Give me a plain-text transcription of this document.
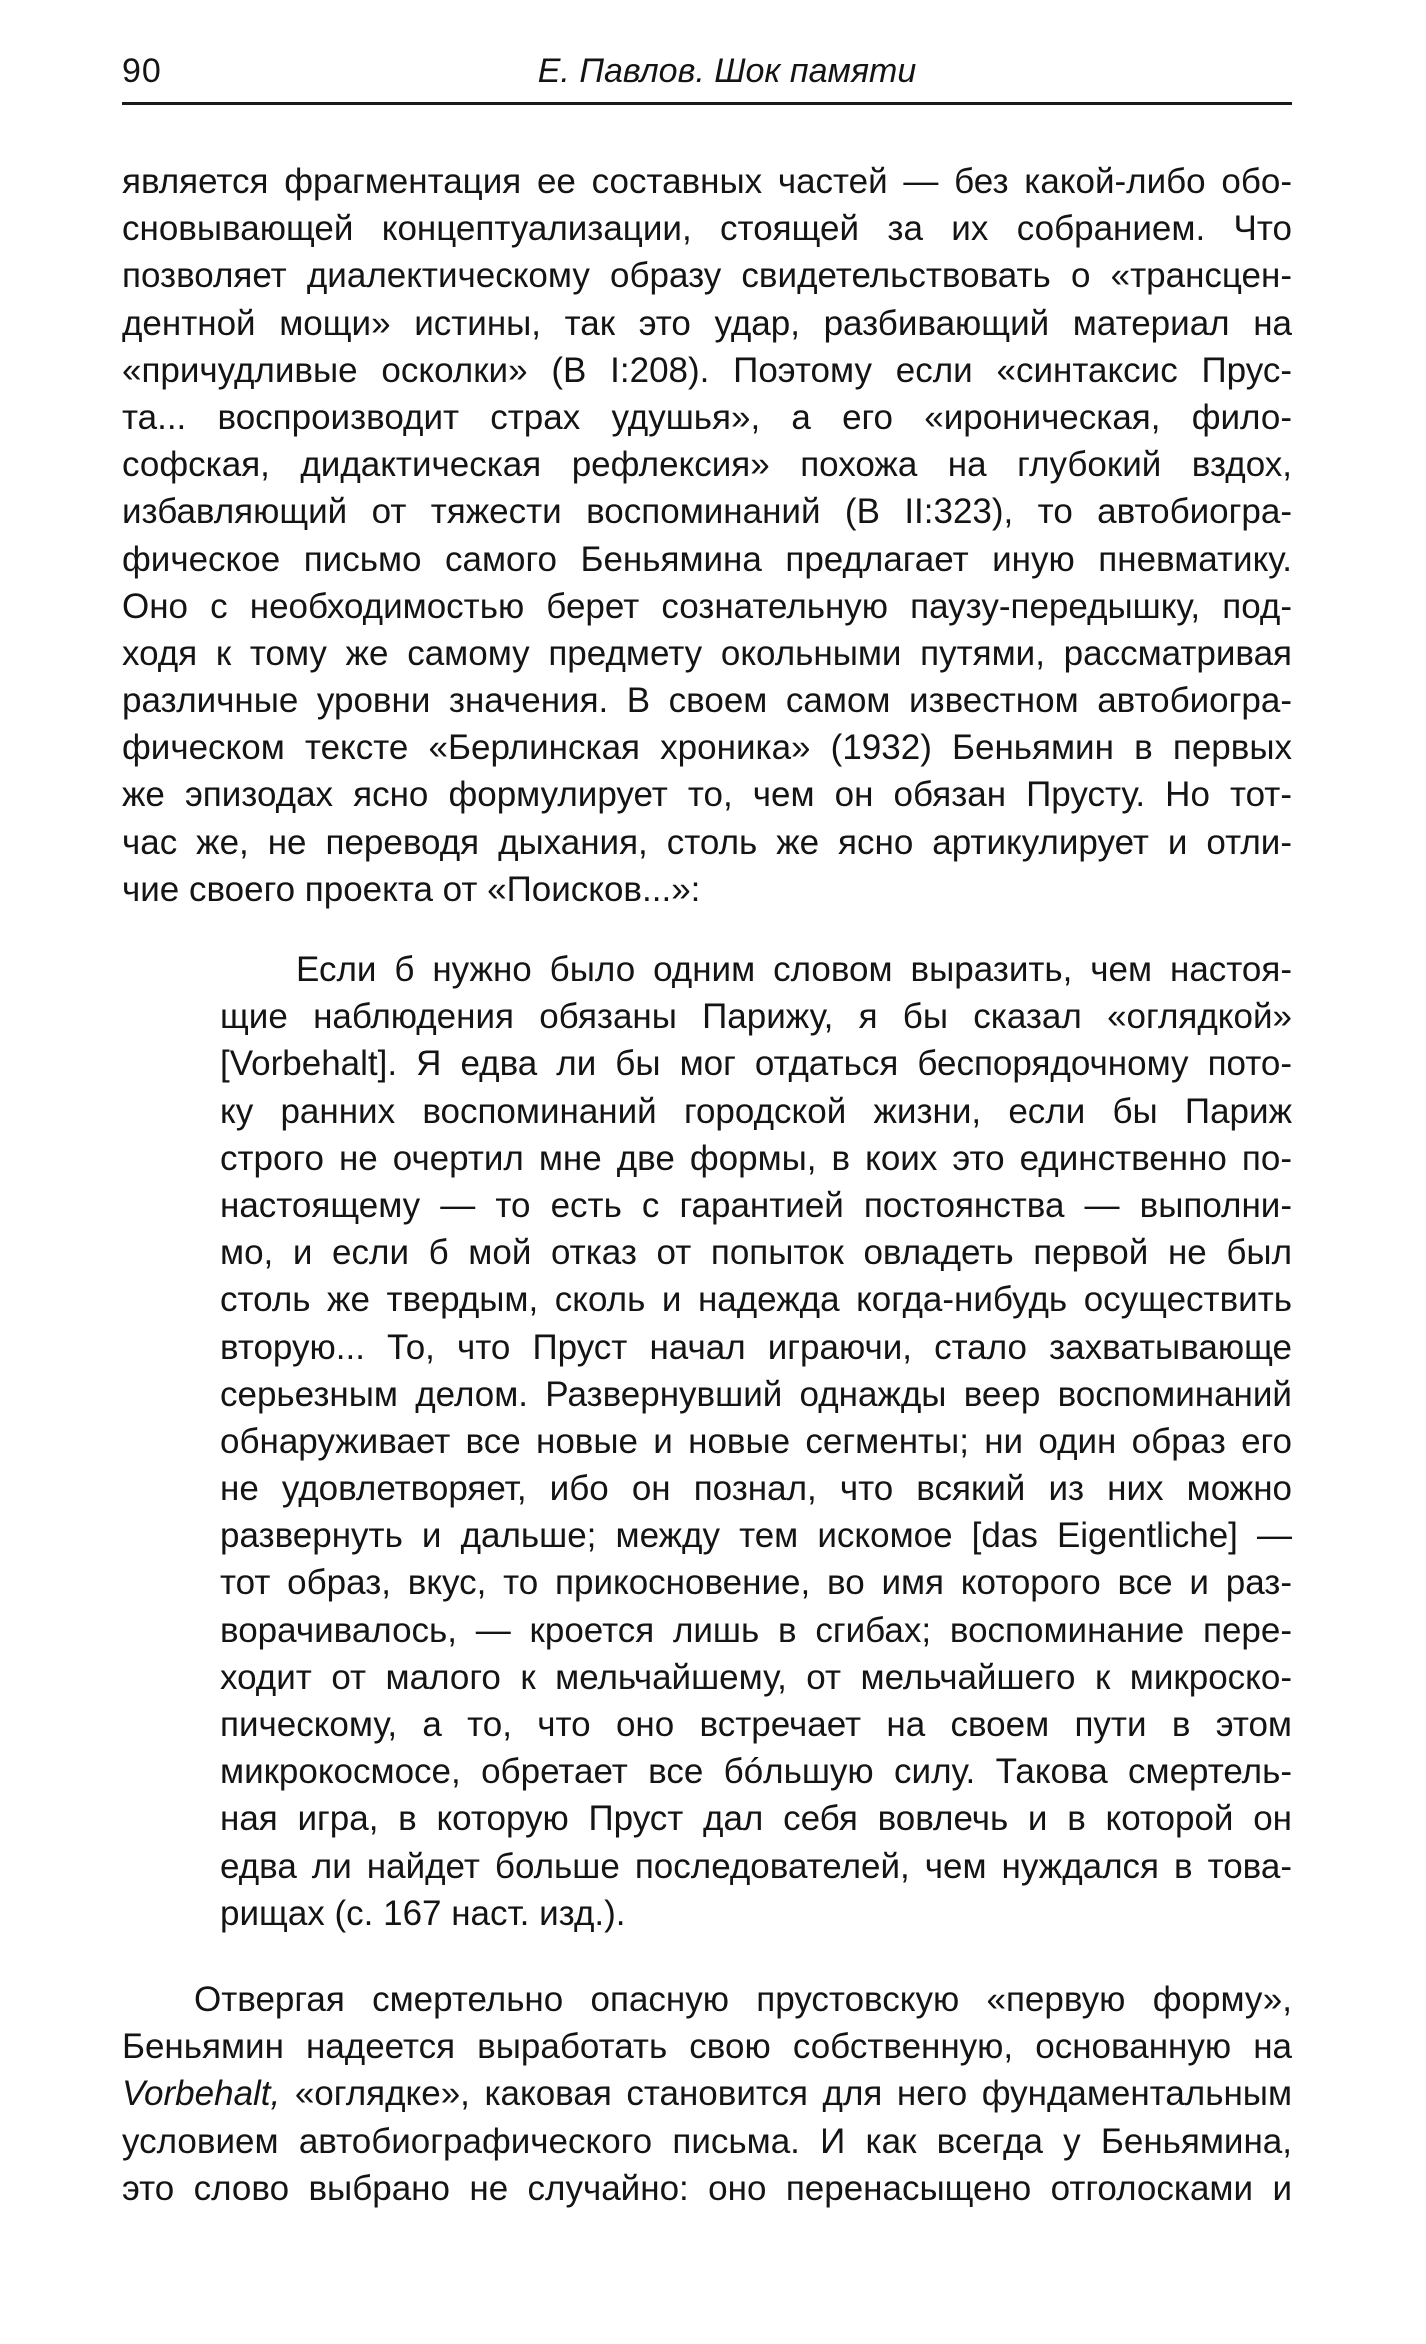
90	Е. Павлов. Шок памяти
является фрагментация ее составных частей — без какой-либо обо-
сновывающей концептуализации, стоящей за их собранием. Что
позволяет диалектическому образу свидетельствовать о «трансцен-
дентной мощи» истины, так это удар, разбивающий материал на
«причудливые осколки» (В I:208). Поэтому если «синтаксис Прус-
та... воспроизводит страх удушья», а его «ироническая, фило-
софская, дидактическая рефлексия» похожа на глубокий вздох,
избавляющий от тяжести воспоминаний (В II:323), то автобиогра-
фическое письмо самого Беньямина предлагает иную пневматику.
Оно с необходимостью берет сознательную паузу-передышку, под-
ходя к тому же самому предмету окольными путями, рассматривая
различные уровни значения. В своем самом известном автобиогра-
фическом тексте «Берлинская хроника» (1932) Беньямин в первых
же эпизодах ясно формулирует то, чем он обязан Прусту. Но тот-
час же, не переводя дыхания, столь же ясно артикулирует и отли-
чие своего проекта от «Поисков...»:
Если б нужно было одним словом выразить, чем настоя-
щие наблюдения обязаны Парижу, я бы сказал «оглядкой»
[Vorbehalt]. Я едва ли бы мог отдаться беспорядочному пото-
ку ранних воспоминаний городской жизни, если бы Париж
строго не очертил мне две формы, в коих это единственно по-
настоящему — то есть с гарантией постоянства — выполни-
мо, и если б мой отказ от попыток овладеть первой не был
столь же твердым, сколь и надежда когда-нибудь осуществить
вторую... То, что Пруст начал играючи, стало захватывающе
серьезным делом. Развернувший однажды веер воспоминаний
обнаруживает все новые и новые сегменты; ни один образ его
не удовлетворяет, ибо он познал, что всякий из них можно
развернуть и дальше; между тем искомое [das Eigentliche] —
тот образ, вкус, то прикосновение, во имя которого все и раз-
ворачивалось, — кроется лишь в сгибах; воспоминание пере-
ходит от малого к мельчайшему, от мельчайшего к микроско-
пическому, а то, что оно встречает на своем пути в этом
микрокосмосе, обретает все бóльшую силу. Такова смертель-
ная игра, в которую Пруст дал себя вовлечь и в которой он
едва ли найдет больше последователей, чем нуждался в това-
рищах (с. 167 наст. изд.).
Отвергая смертельно опасную прустовскую «первую форму»,
Беньямин надеется выработать свою собственную, основанную на
Vorbehalt, «оглядке», каковая становится для него фундаментальным
условием автобиографического письма. И как всегда у Беньямина,
это слово выбрано не случайно: оно перенасыщено отголосками и
